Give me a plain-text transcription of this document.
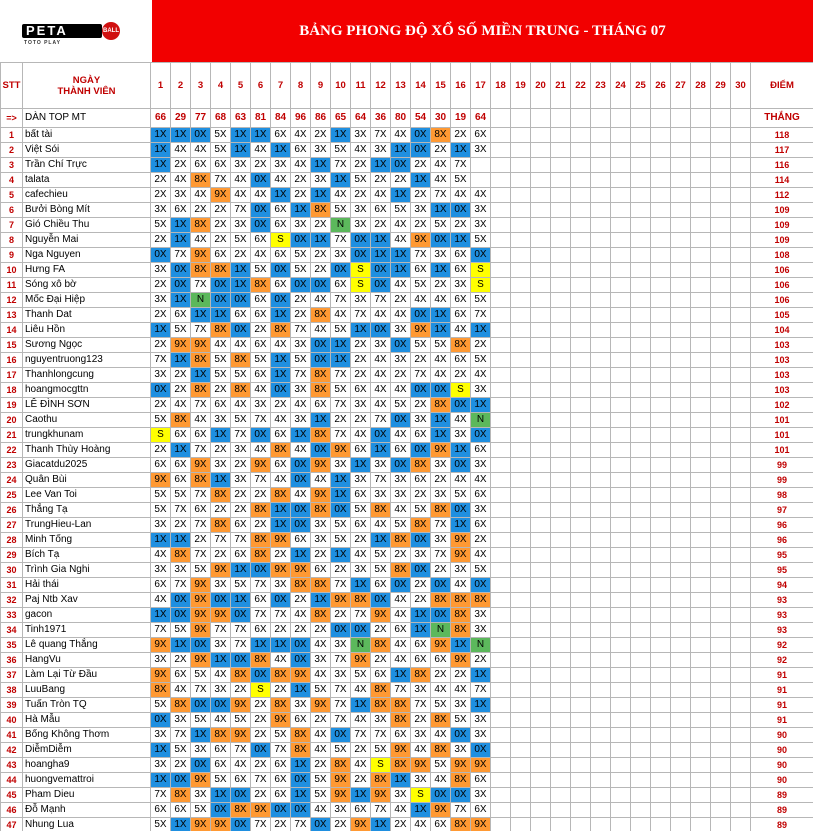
PETA	BALL
TOTO PLAY
BẢNG PHONG ĐỘ XỔ SỐ MIỀN TRUNG - THÁNG 07
STT	NGÀY
THÀNH VIÊN	1	2	3	4	5	6	7	8	9	10	11	12	13	14	15	16	17	18	19	20	21	22	23	24	25	26	27	28	29	30	ĐIỂM
=>	DÀN TOP MT	66	29	77	68	63	81	84	96	86	65	64	36	80	54	30	19	64														THẮNG
1	bất tài	1X	1X	0X	5X	1X	1X	6X	4X	2X	1X	3X	7X	4X	0X	8X	2X	6X														118
2	Việt Sói	1X	4X	4X	5X	1X	4X	1X	6X	3X	5X	4X	3X	1X	0X	2X	1X	3X														117
3	Trần Chí Trực	1X	2X	6X	6X	3X	2X	3X	4X	1X	7X	2X	1X	0X	2X	4X	7X															116
4	talata	2X	4X	8X	7X	4X	0X	4X	2X	3X	1X	5X	2X	2X	1X	4X	5X															114
5	cafechieu	2X	3X	4X	9X	4X	4X	1X	2X	1X	4X	2X	4X	1X	2X	7X	4X	4X														112
6	Bưởi Bòng Mít	3X	6X	2X	2X	7X	0X	6X	1X	8X	5X	3X	6X	5X	3X	1X	0X	3X														109
7	Gió Chiều Thu	5X	1X	8X	2X	3X	0X	6X	3X	2X	N	3X	2X	4X	2X	5X	2X	3X														109
8	Nguyễn Mai	2X	1X	4X	2X	5X	6X	S	0X	1X	7X	0X	1X	4X	9X	0X	1X	5X														109
9	Nga Nguyen	0X	7X	9X	6X	2X	4X	6X	5X	2X	3X	0X	1X	1X	7X	3X	6X	0X														108
10	Hưng FA	3X	0X	8X	8X	1X	5X	0X	5X	2X	0X	S	0X	1X	6X	1X	6X	S														106
11	Sóng xô bờ	2X	0X	7X	0X	1X	8X	6X	0X	0X	6X	S	0X	4X	5X	2X	3X	S														106
12	Mốc Đại Hiệp	3X	1X	N	0X	0X	6X	0X	2X	4X	7X	3X	7X	2X	4X	4X	6X	5X														106
13	Thanh Dat	2X	6X	1X	1X	6X	6X	1X	2X	8X	4X	7X	4X	4X	0X	1X	6X	7X														105
14	Liêu Hồn	1X	5X	7X	8X	0X	2X	8X	7X	4X	5X	1X	0X	3X	9X	1X	4X	1X														104
15	Sương Ngọc	2X	9X	9X	4X	4X	6X	4X	3X	0X	1X	2X	3X	0X	5X	5X	8X	2X														103
16	nguyentruong123	7X	1X	8X	5X	8X	5X	1X	5X	0X	1X	2X	4X	3X	2X	4X	6X	5X														103
17	Thanhlongcung	3X	2X	1X	5X	5X	6X	1X	7X	8X	7X	2X	4X	2X	7X	4X	2X	4X														103
18	hoangmocgttn	0X	2X	8X	2X	8X	4X	0X	3X	8X	5X	6X	4X	4X	0X	0X	S	3X														103
19	LÊ ĐÌNH SƠN	2X	4X	7X	6X	4X	3X	2X	4X	6X	7X	3X	4X	5X	2X	8X	0X	1X														102
20	Caothu	5X	8X	4X	3X	5X	7X	4X	3X	1X	2X	2X	7X	0X	3X	1X	4X	N														101
21	trungkhunam	S	6X	6X	1X	7X	0X	6X	1X	8X	7X	4X	0X	4X	6X	1X	3X	0X														101
22	Thanh Thùy Hoàng	2X	1X	7X	2X	3X	4X	8X	4X	0X	9X	6X	1X	6X	0X	9X	1X	6X														101
23	Giacatdu2025	6X	6X	9X	3X	2X	9X	6X	0X	9X	3X	1X	3X	0X	8X	3X	0X	3X														99
24	Quân Bùi	9X	6X	8X	1X	3X	7X	4X	0X	4X	1X	3X	7X	3X	6X	2X	4X	4X														99
25	Lee Van Toi	5X	5X	7X	8X	2X	2X	8X	4X	9X	1X	6X	3X	3X	2X	3X	5X	6X														98
26	Thắng Tạ	5X	7X	6X	2X	2X	8X	1X	0X	8X	0X	5X	8X	4X	5X	8X	0X	3X														97
27	TrungHieu-Lan	3X	2X	7X	8X	6X	2X	1X	0X	3X	5X	6X	4X	5X	8X	7X	1X	6X														96
28	Minh Tống	1X	1X	2X	7X	7X	8X	9X	6X	3X	5X	2X	1X	8X	0X	3X	9X	2X														96
29	Bích Tạ	4X	8X	7X	2X	6X	8X	2X	1X	2X	1X	4X	5X	2X	3X	7X	9X	4X														95
30	Trình Gia Nghi	3X	3X	5X	9X	1X	0X	9X	9X	6X	2X	3X	5X	8X	0X	2X	3X	5X														95
31	Hải thái	6X	7X	9X	3X	5X	7X	3X	8X	8X	7X	1X	6X	0X	2X	0X	4X	0X														94
32	Paj Ntb Xav	4X	0X	9X	0X	1X	6X	0X	2X	1X	9X	8X	0X	4X	2X	8X	8X	8X														93
33	gacon	1X	0X	9X	9X	0X	7X	7X	4X	8X	2X	7X	9X	4X	1X	0X	8X	3X														93
34	Tinh1971	7X	5X	9X	7X	7X	6X	2X	2X	2X	0X	0X	2X	6X	1X	N	8X	3X														93
35	Lê quang Thắng	9X	1X	0X	3X	7X	1X	1X	0X	4X	3X	N	8X	4X	6X	9X	1X	N														92
36	HangVu	3X	2X	9X	1X	0X	8X	4X	0X	3X	7X	9X	2X	4X	6X	6X	9X	2X														92
37	Làm Lại Từ Đầu	9X	6X	5X	4X	8X	0X	8X	9X	4X	3X	5X	6X	1X	8X	2X	2X	1X														91
38	LuuBang	8X	4X	7X	3X	2X	S	2X	1X	5X	7X	4X	8X	7X	3X	4X	4X	7X														91
39	Tuấn Tròn TQ	5X	8X	0X	0X	9X	2X	8X	3X	9X	7X	1X	8X	8X	7X	5X	3X	1X														91
40	Hà Mẫu	0X	3X	5X	4X	5X	2X	9X	6X	2X	7X	4X	3X	8X	2X	8X	5X	3X														91
41	Bống Không Thơm	3X	7X	1X	8X	9X	2X	5X	8X	4X	0X	7X	7X	6X	3X	4X	0X	3X														90
42	DiễmDiễm	1X	5X	3X	6X	7X	0X	7X	8X	4X	5X	2X	5X	9X	4X	8X	3X	0X														90
43	hoangha9	3X	2X	0X	6X	4X	2X	6X	1X	2X	8X	4X	S	8X	9X	5X	9X	9X														90
44	huongvemattroi	1X	0X	9X	5X	6X	7X	6X	0X	5X	9X	2X	8X	1X	3X	4X	8X	6X														90
45	Pham Dieu	7X	8X	3X	1X	0X	2X	6X	1X	5X	9X	1X	9X	3X	S	0X	0X	3X														89
46	Đỗ Mạnh	6X	6X	5X	0X	8X	9X	0X	0X	4X	3X	6X	7X	4X	1X	9X	7X	6X														89
47	Nhung Lua	5X	1X	9X	9X	0X	7X	2X	7X	0X	2X	9X	1X	2X	4X	6X	8X	9X														89
